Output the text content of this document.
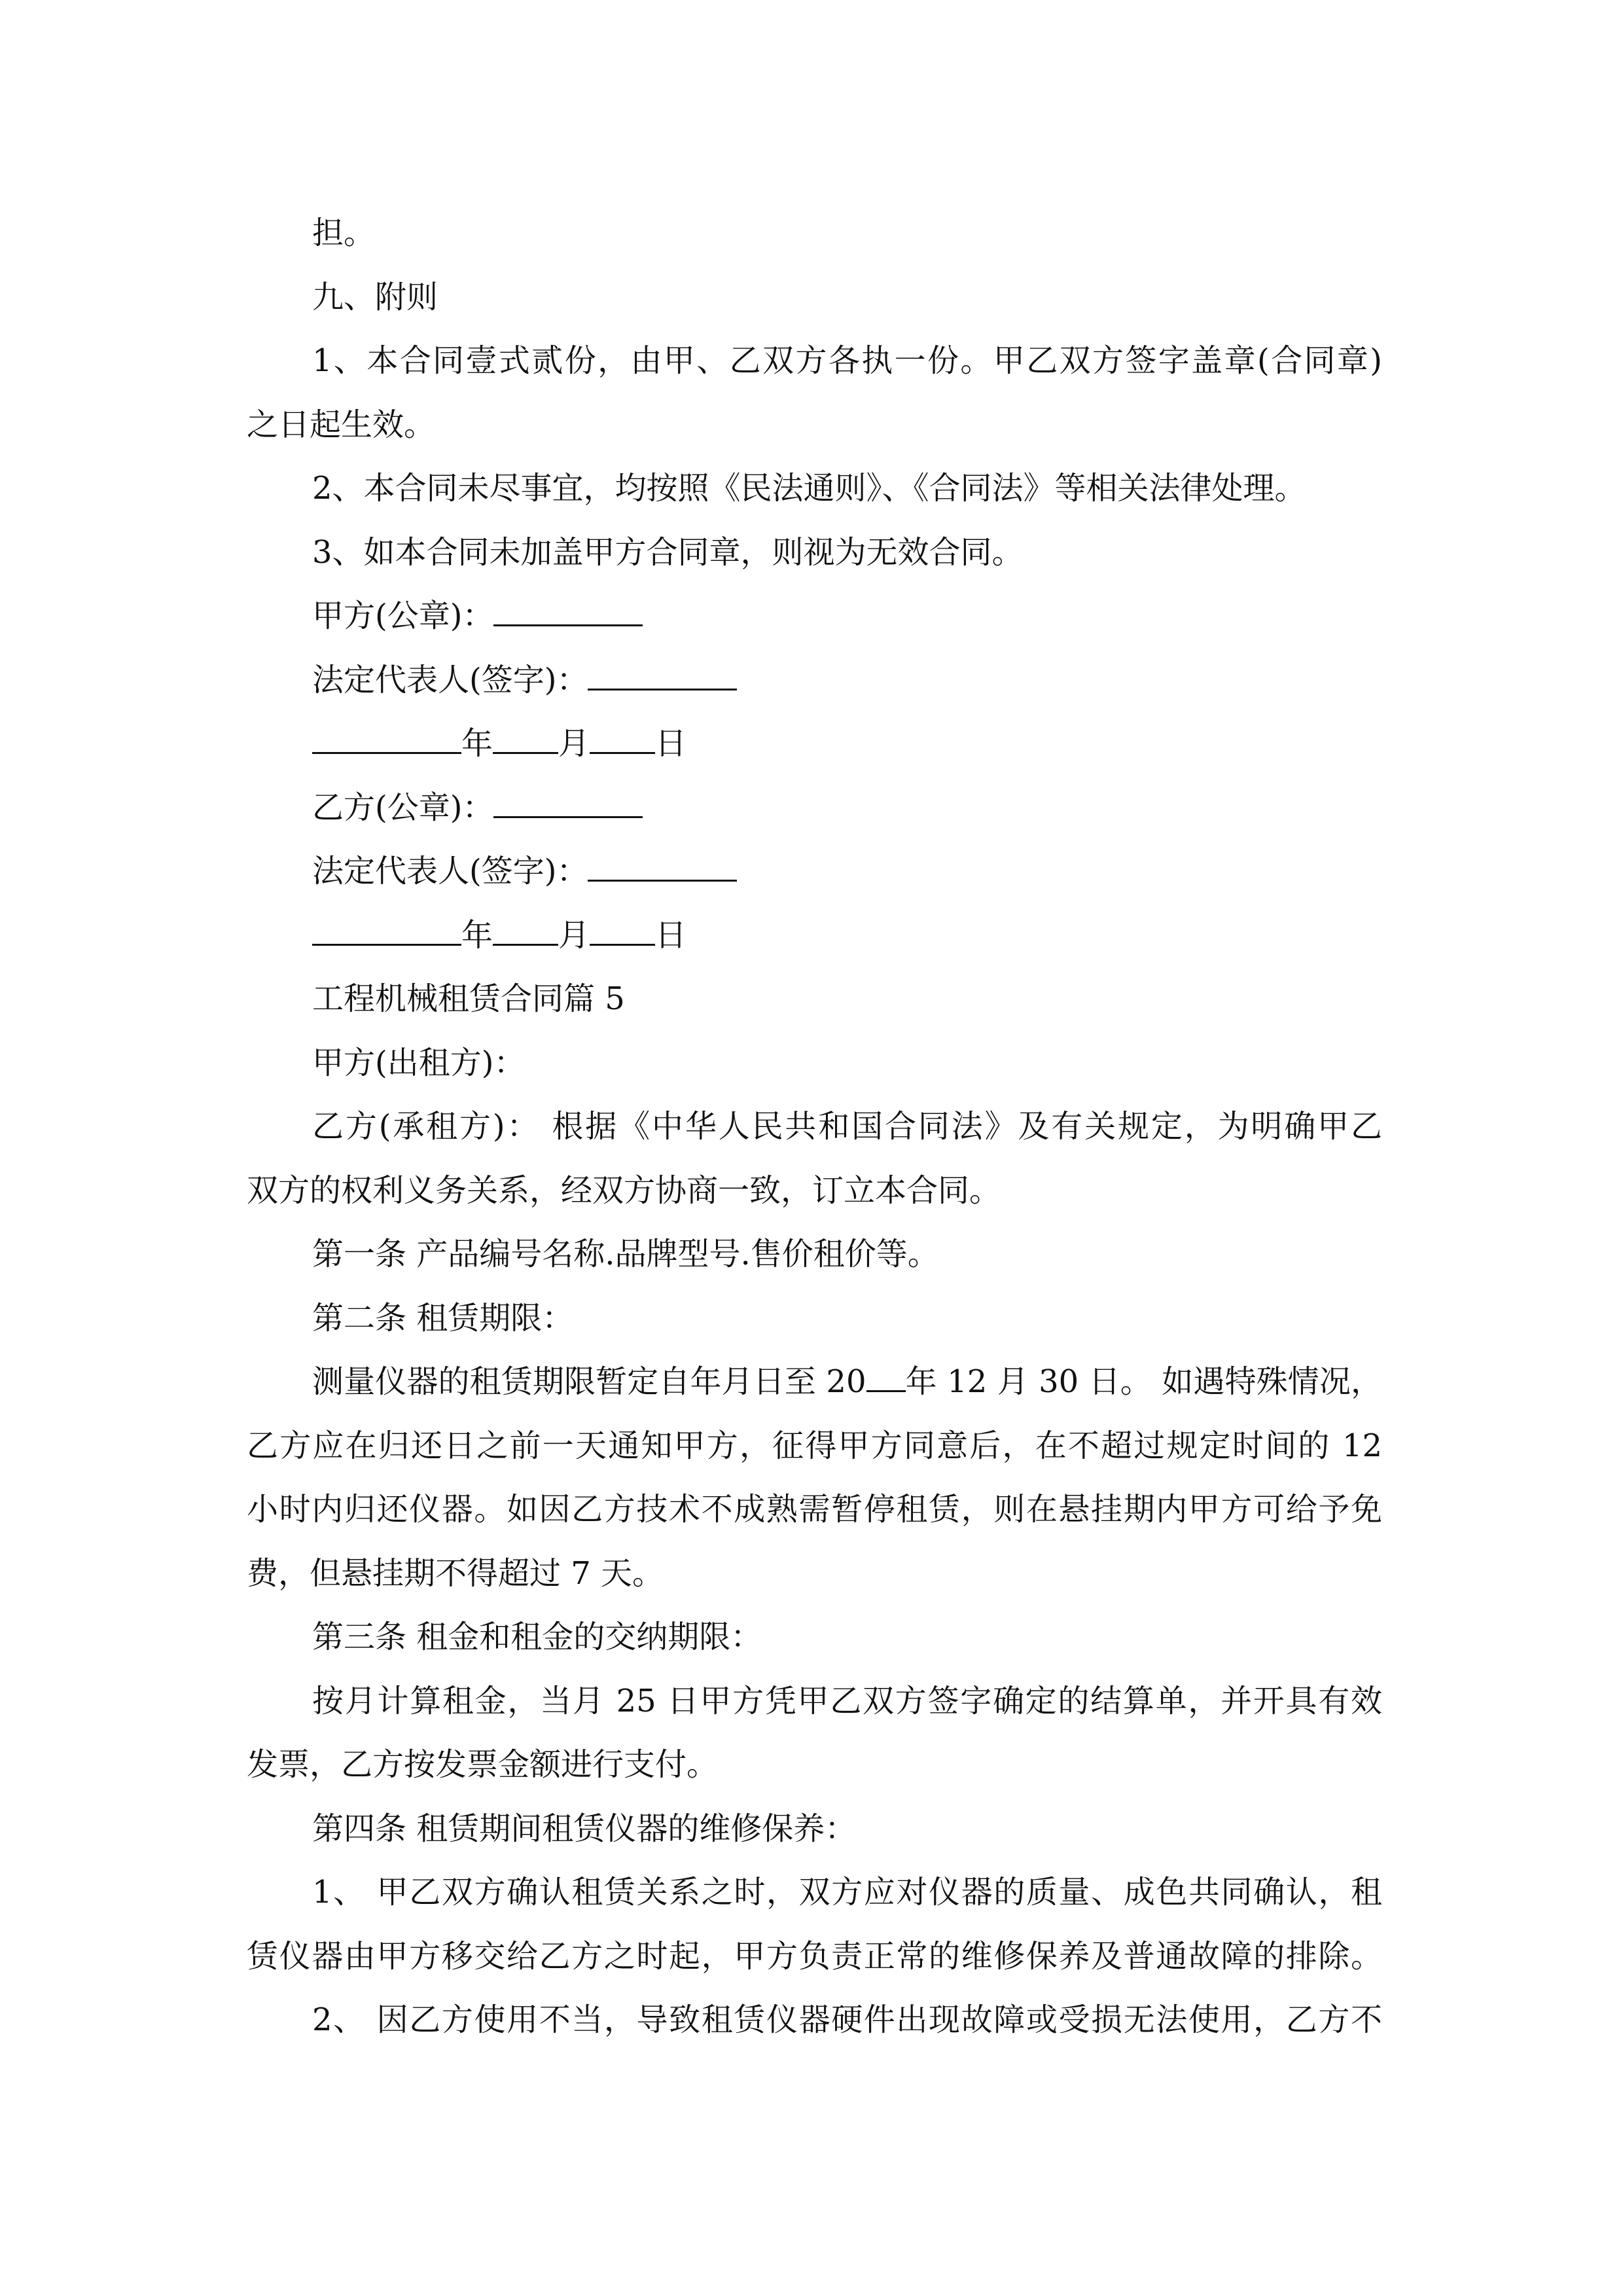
担。
九、附则
1、本合同壹式贰份，由甲、乙双方各执一份。甲乙双方签字盖章(合同章)
之日起生效。
2、本合同未尽事宜，均按照《民法通则》、《合同法》等相关法律处理。
3、如本合同未加盖甲方合同章，则视为无效合同。
甲方(公章)：
法定代表人(签字)：
年 月 日
乙方(公章)：
法定代表人(签字)：
年 月 日
工程机械租赁合同篇 5
甲方(出租方)：
乙方(承租方)： 根据《中华人民共和国合同法》及有关规定，为明确甲乙
双方的权利义务关系，经双方协商一致，订立本合同。
第一条 产品编号名称.品牌型号.售价租价等。
第二条 租赁期限：
测量仪器的租赁期限暂定自年月日至 20 年 12 月 30 日。 如遇特殊情况，
乙方应在归还日之前一天通知甲方，征得甲方同意后，在不超过规定时间的 12
小时内归还仪器。如因乙方技术不成熟需暂停租赁，则在悬挂期内甲方可给予免
费，但悬挂期不得超过 7 天。
第三条 租金和租金的交纳期限：
按月计算租金，当月 25 日甲方凭甲乙双方签字确定的结算单，并开具有效
发票，乙方按发票金额进行支付。
第四条 租赁期间租赁仪器的维修保养：
1、 甲乙双方确认租赁关系之时，双方应对仪器的质量、成色共同确认，租
赁仪器由甲方移交给乙方之时起，甲方负责正常的维修保养及普通故障的排除。
2、 因乙方使用不当，导致租赁仪器硬件出现故障或受损无法使用，乙方不
